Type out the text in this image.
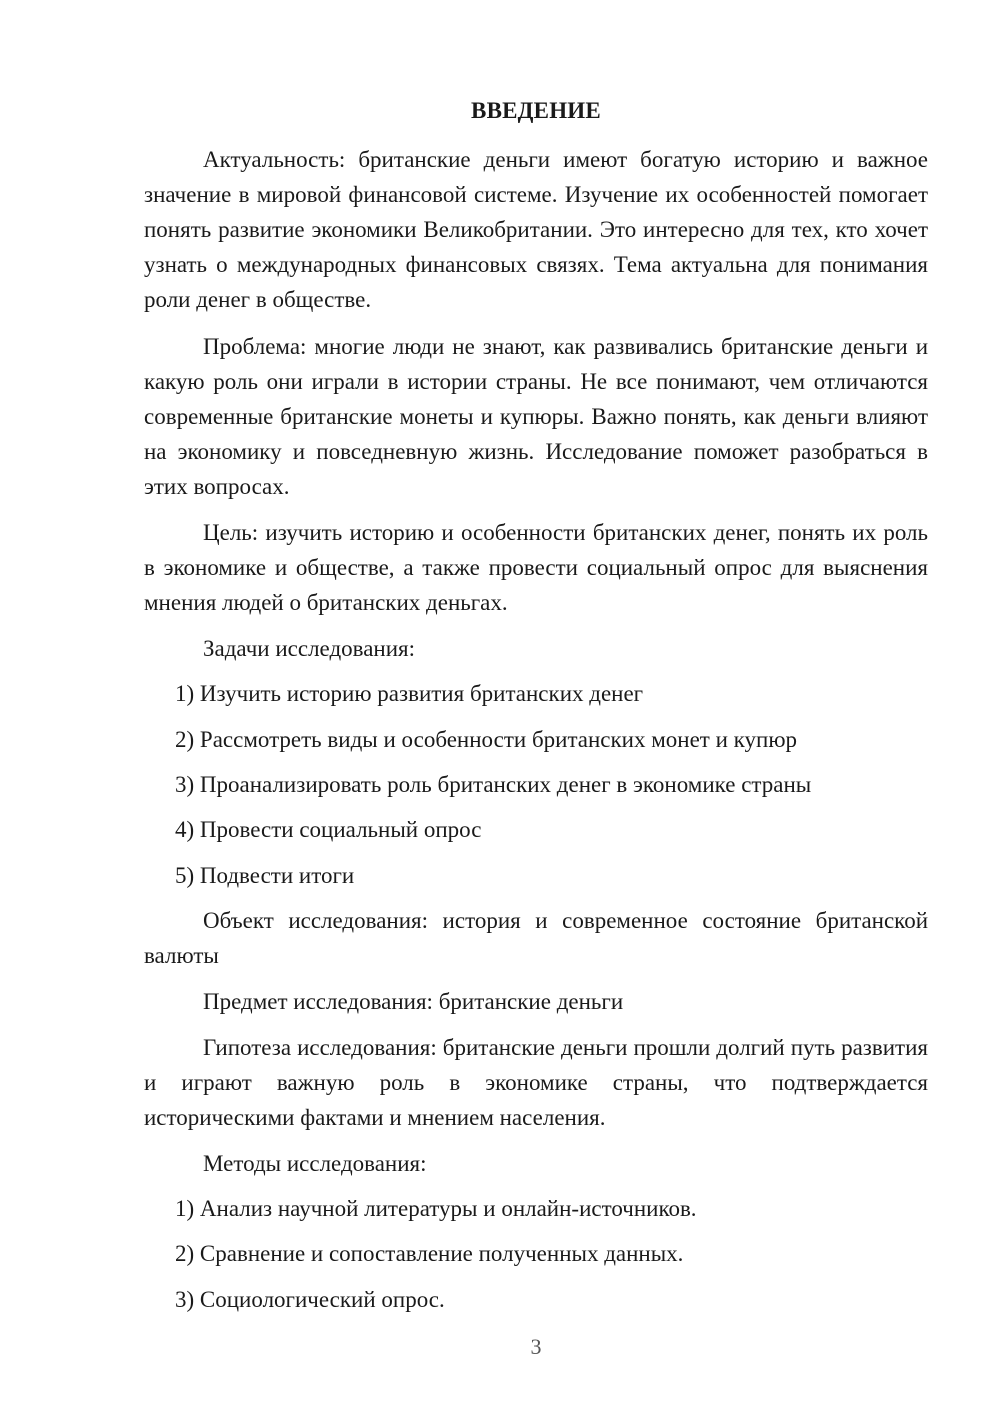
ВВЕДЕНИЕ

Актуальность: британские деньги имеют богатую историю и важное значение в мировой финансовой системе. Изучение их особенностей помогает понять развитие экономики Великобритании. Это интересно для тех, кто хочет узнать о международных финансовых связях. Тема актуальна для понимания роли денег в обществе.

Проблема: многие люди не знают, как развивались британские деньги и какую роль они играли в истории страны. Не все понимают, чем отличаются современные британские монеты и купюры. Важно понять, как деньги влияют на экономику и повседневную жизнь. Исследование поможет разобраться в этих вопросах.

Цель: изучить историю и особенности британских денег, понять их роль в экономике и обществе, а также провести социальный опрос для выяснения мнения людей о британских деньгах.

Задачи исследования:

1) Изучить историю развития британских денег

2) Рассмотреть виды и особенности британских монет и купюр

3) Проанализировать роль британских денег в экономике страны

4) Провести социальный опрос

5) Подвести итоги

Объект исследования: история и современное состояние британской валюты

Предмет исследования: британские деньги

Гипотеза исследования: британские деньги прошли долгий путь развития и играют важную роль в экономике страны, что подтверждается историческими фактами и мнением населения.

Методы исследования:

1) Анализ научной литературы и онлайн-источников.

2) Сравнение и сопоставление полученных данных.

3) Социологический опрос.

3
